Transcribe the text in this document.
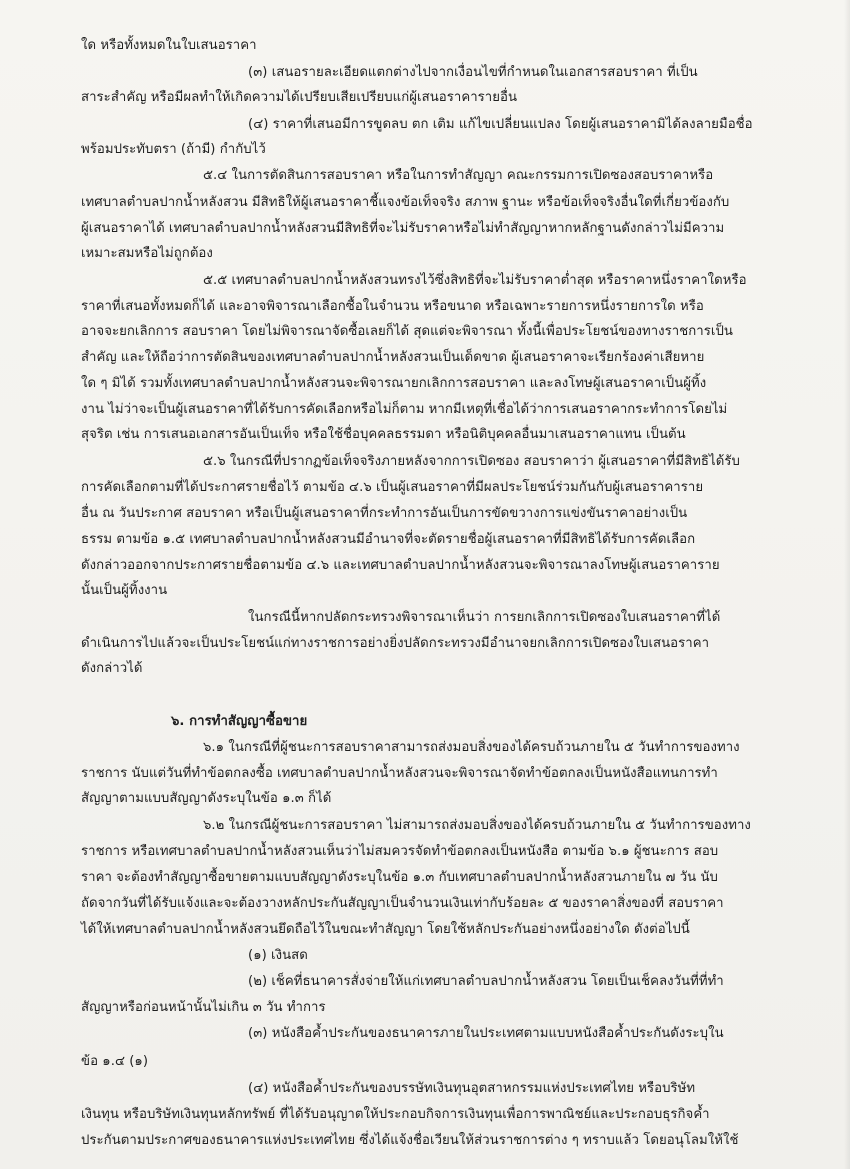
ใด หรือทั้งหมดในใบเสนอราคา
(๓) เสนอรายละเอียดแตกต่างไปจากเงื่อนไขที่กำหนดในเอกสารสอบราคา ที่เป็น
สาระสำคัญ หรือมีผลทำให้เกิดความได้เปรียบเสียเปรียบแก่ผู้เสนอราคารายอื่น
(๔) ราคาที่เสนอมีการขูดลบ ตก เติม แก้ไขเปลี่ยนแปลง โดยผู้เสนอราคามิได้ลงลายมือชื่อ
พร้อมประทับตรา (ถ้ามี) กำกับไว้
๕.๔ ในการตัดสินการสอบราคา หรือในการทำสัญญา คณะกรรมการเปิดซองสอบราคาหรือ
เทศบาลตำบลปากน้ำหลังสวน มีสิทธิให้ผู้เสนอราคาชี้แจงข้อเท็จจริง สภาพ ฐานะ หรือข้อเท็จจริงอื่นใดที่เกี่ยวข้องกับ
ผู้เสนอราคาได้ เทศบาลตำบลปากน้ำหลังสวนมีสิทธิที่จะไม่รับราคาหรือไม่ทำสัญญาหากหลักฐานดังกล่าวไม่มีความ
เหมาะสมหรือไม่ถูกต้อง
๕.๕ เทศบาลตำบลปากน้ำหลังสวนทรงไว้ซึ่งสิทธิที่จะไม่รับราคาต่ำสุด หรือราคาหนึ่งราคาใดหรือ
ราคาที่เสนอทั้งหมดก็ได้ และอาจพิจารณาเลือกซื้อในจำนวน หรือขนาด หรือเฉพาะรายการหนึ่งรายการใด หรือ
อาจจะยกเลิกการ สอบราคา โดยไม่พิจารณาจัดซื้อเลยก็ได้ สุดแต่จะพิจารณา ทั้งนี้เพื่อประโยชน์ของทางราชการเป็น
สำคัญ และให้ถือว่าการตัดสินของเทศบาลตำบลปากน้ำหลังสวนเป็นเด็ดขาด ผู้เสนอราคาจะเรียกร้องค่าเสียหาย
ใด ๆ มิได้ รวมทั้งเทศบาลตำบลปากน้ำหลังสวนจะพิจารณายกเลิกการสอบราคา และลงโทษผู้เสนอราคาเป็นผู้ทิ้ง
งาน ไม่ว่าจะเป็นผู้เสนอราคาที่ได้รับการคัดเลือกหรือไม่ก็ตาม หากมีเหตุที่เชื่อได้ว่าการเสนอราคากระทำการโดยไม่
สุจริต เช่น การเสนอเอกสารอันเป็นเท็จ หรือใช้ชื่อบุคคลธรรมดา หรือนิติบุคคลอื่นมาเสนอราคาแทน เป็นต้น
๕.๖ ในกรณีที่ปรากฏข้อเท็จจริงภายหลังจากการเปิดซอง สอบราคาว่า ผู้เสนอราคาที่มีสิทธิได้รับ
การคัดเลือกตามที่ได้ประกาศรายชื่อไว้ ตามข้อ ๔.๖ เป็นผู้เสนอราคาที่มีผลประโยชน์ร่วมกันกับผู้เสนอราคาราย
อื่น ณ วันประกาศ สอบราคา หรือเป็นผู้เสนอราคาที่กระทำการอันเป็นการขัดขวางการแข่งขันราคาอย่างเป็น
ธรรม ตามข้อ ๑.๕ เทศบาลตำบลปากน้ำหลังสวนมีอำนาจที่จะตัดรายชื่อผู้เสนอราคาที่มีสิทธิได้รับการคัดเลือก
ดังกล่าวออกจากประกาศรายชื่อตามข้อ ๔.๖ และเทศบาลตำบลปากน้ำหลังสวนจะพิจารณาลงโทษผู้เสนอราคาราย
นั้นเป็นผู้ทิ้งงาน
ในกรณีนี้หากปลัดกระทรวงพิจารณาเห็นว่า การยกเลิกการเปิดซองใบเสนอราคาที่ได้
ดำเนินการไปแล้วจะเป็นประโยชน์แก่ทางราชการอย่างยิ่งปลัดกระทรวงมีอำนาจยกเลิกการเปิดซองใบเสนอราคา
ดังกล่าวได้
๖. การทำสัญญาซื้อขาย
๖.๑ ในกรณีที่ผู้ชนะการสอบราคาสามารถส่งมอบสิ่งของได้ครบถ้วนภายใน ๕ วันทำการของทาง
ราชการ นับแต่วันที่ทำข้อตกลงซื้อ เทศบาลตำบลปากน้ำหลังสวนจะพิจารณาจัดทำข้อตกลงเป็นหนังสือแทนการทำ
สัญญาตามแบบสัญญาดังระบุในข้อ ๑.๓ ก็ได้
๖.๒ ในกรณีผู้ชนะการสอบราคา ไม่สามารถส่งมอบสิ่งของได้ครบถ้วนภายใน ๕ วันทำการของทาง
ราชการ หรือเทศบาลตำบลปากน้ำหลังสวนเห็นว่าไม่สมควรจัดทำข้อตกลงเป็นหนังสือ ตามข้อ ๖.๑ ผู้ชนะการ สอบ
ราคา จะต้องทำสัญญาซื้อขายตามแบบสัญญาดังระบุในข้อ ๑.๓ กับเทศบาลตำบลปากน้ำหลังสวนภายใน ๗ วัน นับ
ถัดจากวันที่ได้รับแจ้งและจะต้องวางหลักประกันสัญญาเป็นจำนวนเงินเท่ากับร้อยละ ๕ ของราคาสิ่งของที่ สอบราคา
ได้ให้เทศบาลตำบลปากน้ำหลังสวนยึดถือไว้ในขณะทำสัญญา โดยใช้หลักประกันอย่างหนึ่งอย่างใด ดังต่อไปนี้
(๑) เงินสด
(๒) เช็คที่ธนาคารสั่งจ่ายให้แก่เทศบาลตำบลปากน้ำหลังสวน โดยเป็นเช็คลงวันที่ที่ทำ
สัญญาหรือก่อนหน้านั้นไม่เกิน ๓ วัน ทำการ
(๓) หนังสือค้ำประกันของธนาคารภายในประเทศตามแบบหนังสือค้ำประกันดังระบุใน
ข้อ ๑.๔ (๑)
(๔) หนังสือค้ำประกันของบรรษัทเงินทุนอุตสาหกรรมแห่งประเทศไทย หรือบริษัท
เงินทุน หรือบริษัทเงินทุนหลักทรัพย์ ที่ได้รับอนุญาตให้ประกอบกิจการเงินทุนเพื่อการพาณิชย์และประกอบธุรกิจค้ำ
ประกันตามประกาศของธนาคารแห่งประเทศไทย ซึ่งได้แจ้งชื่อเวียนให้ส่วนราชการต่าง ๆ ทราบแล้ว โดยอนุโลมให้ใช้
